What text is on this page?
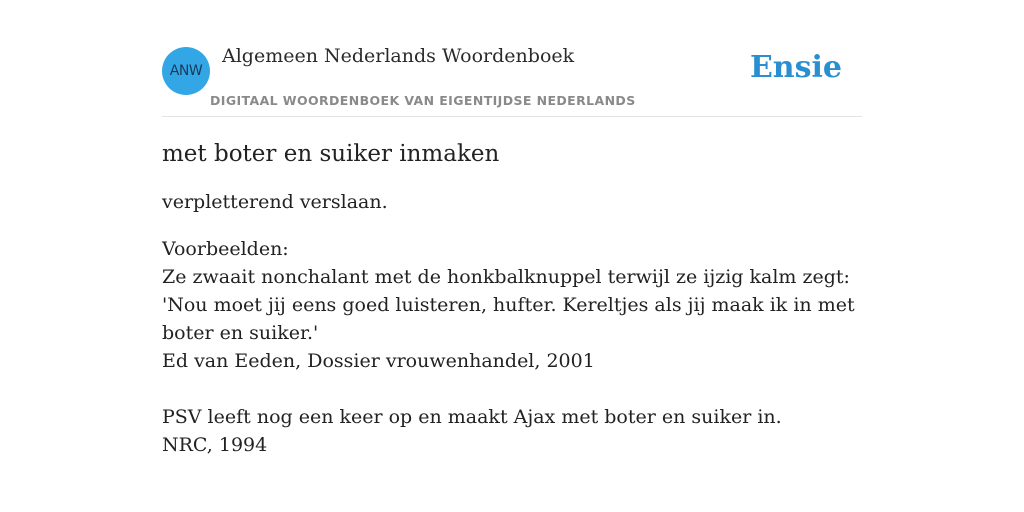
ANW
Algemeen Nederlands Woordenboek
DIGITAAL WOORDENBOEK VAN EIGENTIJDSE NEDERLANDS
Ensie
met boter en suiker inmaken

verpletterend verslaan.

Voorbeelden:

Ze zwaait nonchalant met de honkbalknuppel terwijl ze ijzig kalm zegt: 'Nou moet jij eens goed luisteren, hufter. Kereltjes als jij maak ik in met boter en suiker.'

Ed van Eeden, Dossier vrouwenhandel, 2001

PSV leeft nog een keer op en maakt Ajax met boter en suiker in.

NRC, 1994
